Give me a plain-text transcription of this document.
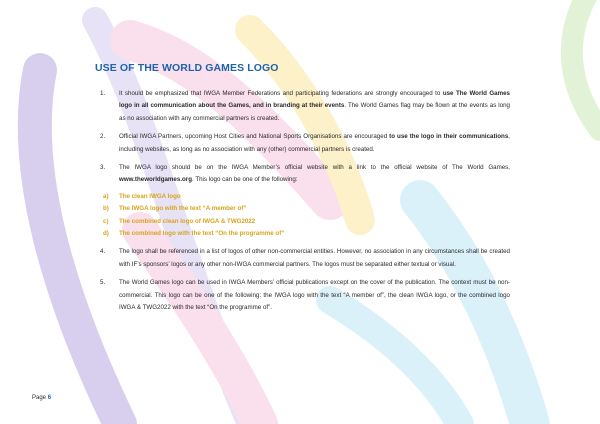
USE OF THE WORLD GAMES LOGO
1. It should be emphasized that IWGA Member Federations and participating federations are strongly encouraged to use The World Games logo in all communication about the Games, and in branding at their events. The World Games flag may be flown at the events as long as no association with any commercial partners is created.
2. Official IWGA Partners, upcoming Host Cities and National Sports Organisations are encouraged to use the logo in their communications, including websites, as long as no association with any (other) commercial partners is created.
3. The IWGA logo should be on the IWGA Member’s official website with a link to the official website of The World Games, www.theworldgames.org. This logo can be one of the following:
a) The clean IWGA logo
b) The IWGA logo with the text “A member of”
c) The combined clean logo of IWGA & TWG2022
d) The combined logo with the text “On the programme of”
4. The logo shall be referenced in a list of logos of other non-commercial entities. However, no association in any circumstances shall be created with IF’s sponsors’ logos or any other non-IWGA commercial partners. The logos must be separated either textual or visual.
5. The World Games logo can be used in IWGA Members’ official publications except on the cover of the publication. The context must be non-commercial. This logo can be one of the following: the IWGA logo with the text “A member of”, the clean IWGA logo, or the combined logo IWGA & TWG2022 with the text “On the programme of”.
Page 6
